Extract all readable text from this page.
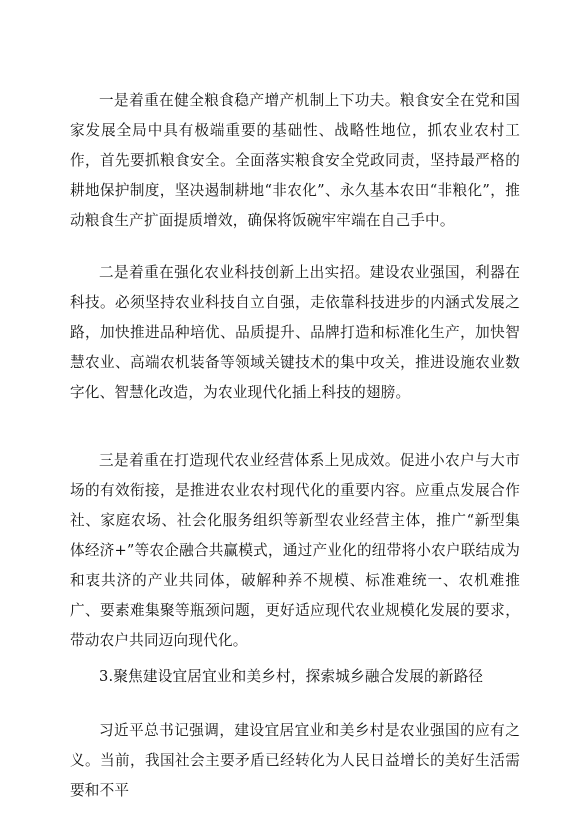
一是着重在健全粮食稳产增产机制上下功夫。粮食安全在党和国家发展全局中具有极端重要的基础性、战略性地位，抓农业农村工作，首先要抓粮食安全。全面落实粮食安全党政同责，坚持最严格的耕地保护制度，坚决遏制耕地“非农化”、永久基本农田“非粮化”，推动粮食生产扩面提质增效，确保将饭碗牢牢端在自己手中。

二是着重在强化农业科技创新上出实招。建设农业强国，利器在科技。必须坚持农业科技自立自强，走依靠科技进步的内涵式发展之路，加快推进品种培优、品质提升、品牌打造和标准化生产，加快智慧农业、高端农机装备等领域关键技术的集中攻关，推进设施农业数字化、智慧化改造，为农业现代化插上科技的翅膀。

三是着重在打造现代农业经营体系上见成效。促进小农户与大市场的有效衔接，是推进农业农村现代化的重要内容。应重点发展合作社、家庭农场、社会化服务组织等新型农业经营主体，推广“新型集体经济+”等农企融合共赢模式，通过产业化的纽带将小农户联结成为和衷共济的产业共同体，破解种养不规模、标准难统一、农机难推广、要素难集聚等瓶颈问题，更好适应现代农业规模化发展的要求，带动农户共同迈向现代化。

3.聚焦建设宜居宜业和美乡村，探索城乡融合发展的新路径

习近平总书记强调，建设宜居宜业和美乡村是农业强国的应有之义。当前，我国社会主要矛盾已经转化为人民日益增长的美好生活需要和不平
